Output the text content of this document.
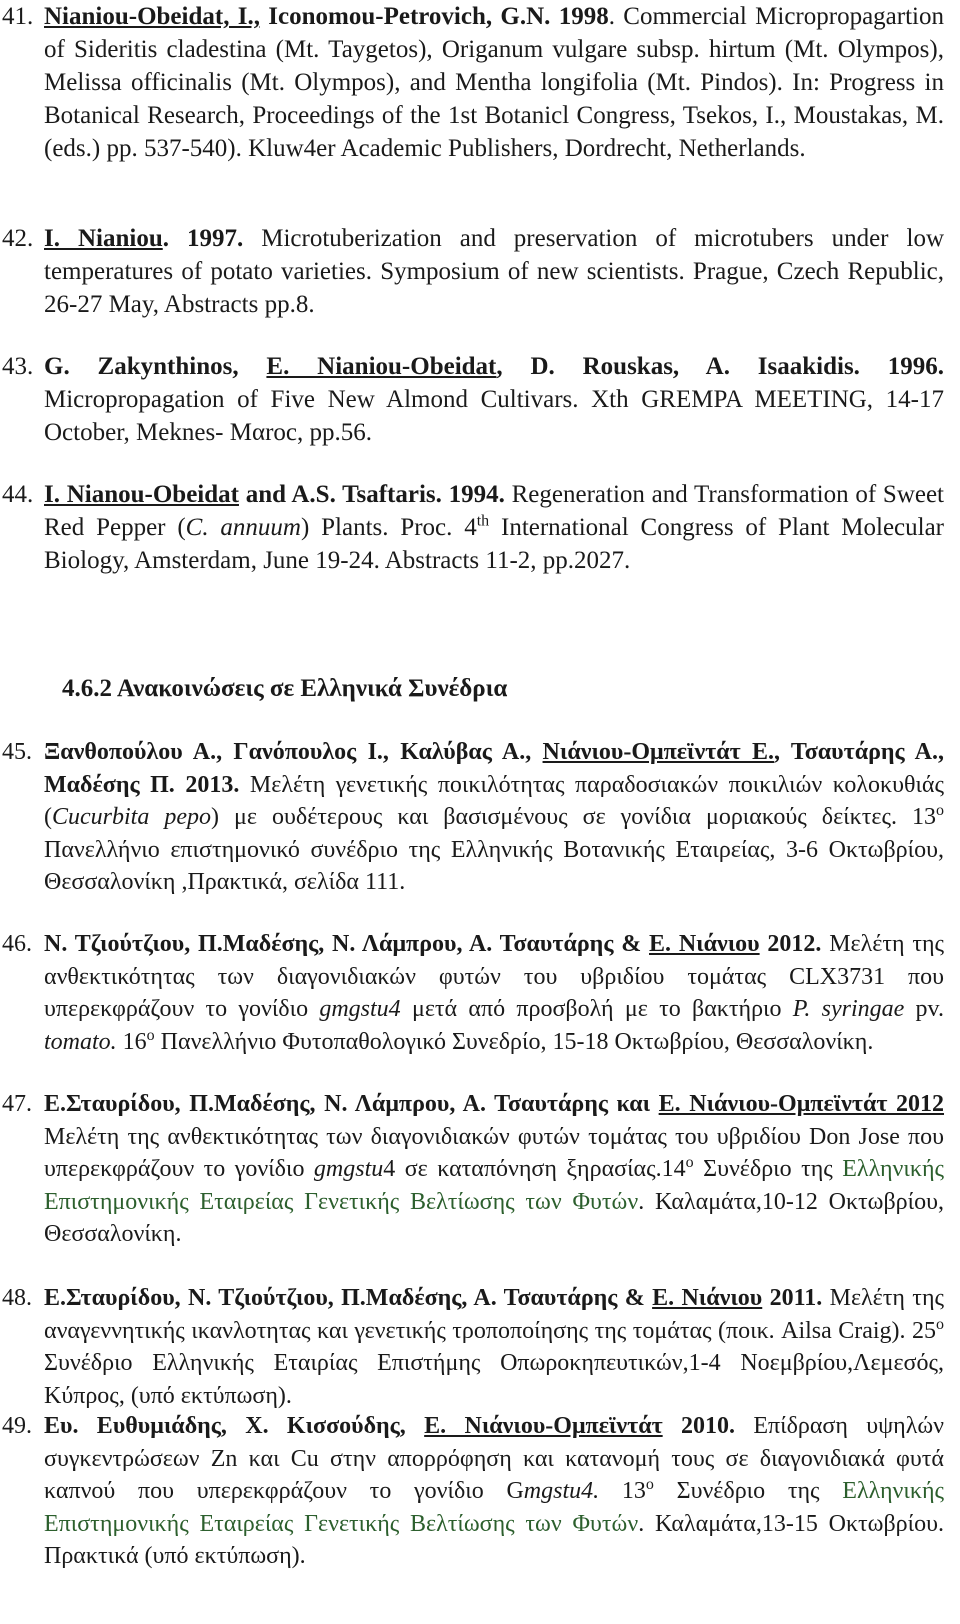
41. Nianiou-Obeidat, I., Iconomou-Petrovich, G.N. 1998. Commercial Micropropagartion of Sideritis cladestina (Mt. Taygetos), Origanum vulgare subsp. hirtum (Mt. Olympos), Melissa officinalis (Mt. Olympos), and Mentha longifolia (Mt. Pindos). In: Progress in Botanical Research, Proceedings of the 1st Botanicl Congress, Tsekos, I., Moustakas, M. (eds.) pp. 537-540). Kluw4er Academic Publishers, Dordrecht, Netherlands.
42. I. Nianiou. 1997. Microtuberization and preservation of microtubers under low temperatures of potato varieties. Symposium of new scientists. Prague, Czech Republic, 26-27 May, Abstracts pp.8.
43. G. Zakynthinos, E. Nianiou-Obeidat, D. Rouskas, A. Isaakidis. 1996. Micropropagation of Five New Almond Cultivars. Xth GREMPA MEETING, 14-17 October, Meknes- Mαroc, pp.56.
44. I. Nianou-Obeidat and A.S. Tsaftaris. 1994. Regeneration and Transformation of Sweet Red Pepper (C. annuum) Plants. Proc. 4th International Congress of Plant Molecular Biology, Amsterdam, June 19-24. Abstracts 11-2, pp.2027.
4.6.2 Ανακοινώσεις σε Ελληνικά Συνέδρια
45. Ξανθοπούλου Α., Γανόπουλος Ι., Καλύβας Α., Νιάνιου-Ομπεϊντάτ Ε., Τσαυτάρης Α., Μαδέσης Π. 2013. Μελέτη γενετικής ποικιλότητας παραδοσιακών ποικιλιών κολοκυθιάς (Cucurbita pepo) με ουδέτερους και βασισμένους σε γονίδια μοριακούς δείκτες. $13^o$ Πανελλήνιο επιστημονικό συνέδριο της Ελληνικής Βοτανικής Εταιρείας, 3-6 Οκτωβρίου, Θεσσαλονίκη ,Πρακτικά, σελίδα 111.
46. Ν. Τζιούτζιου, Π.Μαδέσης, Ν. Λάμπρου, Α. Τσαυτάρης & Ε. Νιάνιου 2012. Μελέτη της ανθεκτικότητας των διαγονιδιακών φυτών του υβριδίου τομάτας CLX3731 που υπερεκφράζουν το γονίδιο gmgstu4 μετά από προσβολή με το βακτήριο P. syringae pv. tomato. $16^o$ Πανελλήνιο Φυτοπαθολογικό Συνεδρίο, 15-18 Οκτωβρίου, Θεσσαλονίκη.
47. Ε.Σταυρίδου, Π.Μαδέσης, Ν. Λάμπρου, Α. Τσαυτάρης και Ε. Νιάνιου-Ομπεϊντάτ 2012 Μελέτη της ανθεκτικότητας των διαγονιδιακών φυτών τομάτας του υβριδίου Don Jose που υπερεκφράζουν το γονίδιο gmgstu4 σε καταπόνηση $\xi\eta\rho\alpha\sigma ί\alpha\varsigma.14^o$ Συνέδριο της Ελληνικής Επιστημονικής Εταιρείας Γενετικής Βελτίωσης των Φυτών. Καλαμάτα,10-12 Οκτωβρίου, Θεσσαλονίκη.
48. Ε.Σταυρίδου, Ν. Τζιούτζιου, Π.Μαδέσης, Α. Τσαυτάρης & Ε. Νιάνιου 2011. Μελέτη της αναγεννητικής ικανλοτητας και γενετικής τροποποίησης της τομάτας (ποικ. Ailsa Craig). $25^o$ Συνέδριο Ελληνικής Εταιρίας Επιστήμης Οπωροκηπευτικών,1-4 Νοεμβρίου,Λεμεσός, Κύπρος, (υπό εκτύπωση).
49. Ευ. Ευθυμιάδης, Χ. Κισσούδης, Ε. Νιάνιου-Ομπεϊντάτ 2010. Επίδραση υψηλών συγκεντρώσεων Zn και Cu στην απορρόφηση και κατανομή τους σε διαγονιδιακά φυτά καπνού που υπερεκφράζουν το γονίδιο Gmgstu4. $13^o$ Συνέδριο της Ελληνικής Επιστημονικής Εταιρείας Γενετικής Βελτίωσης των Φυτών. Καλαμάτα,13-15 Οκτωβρίου. Πρακτικά (υπό εκτύπωση).
